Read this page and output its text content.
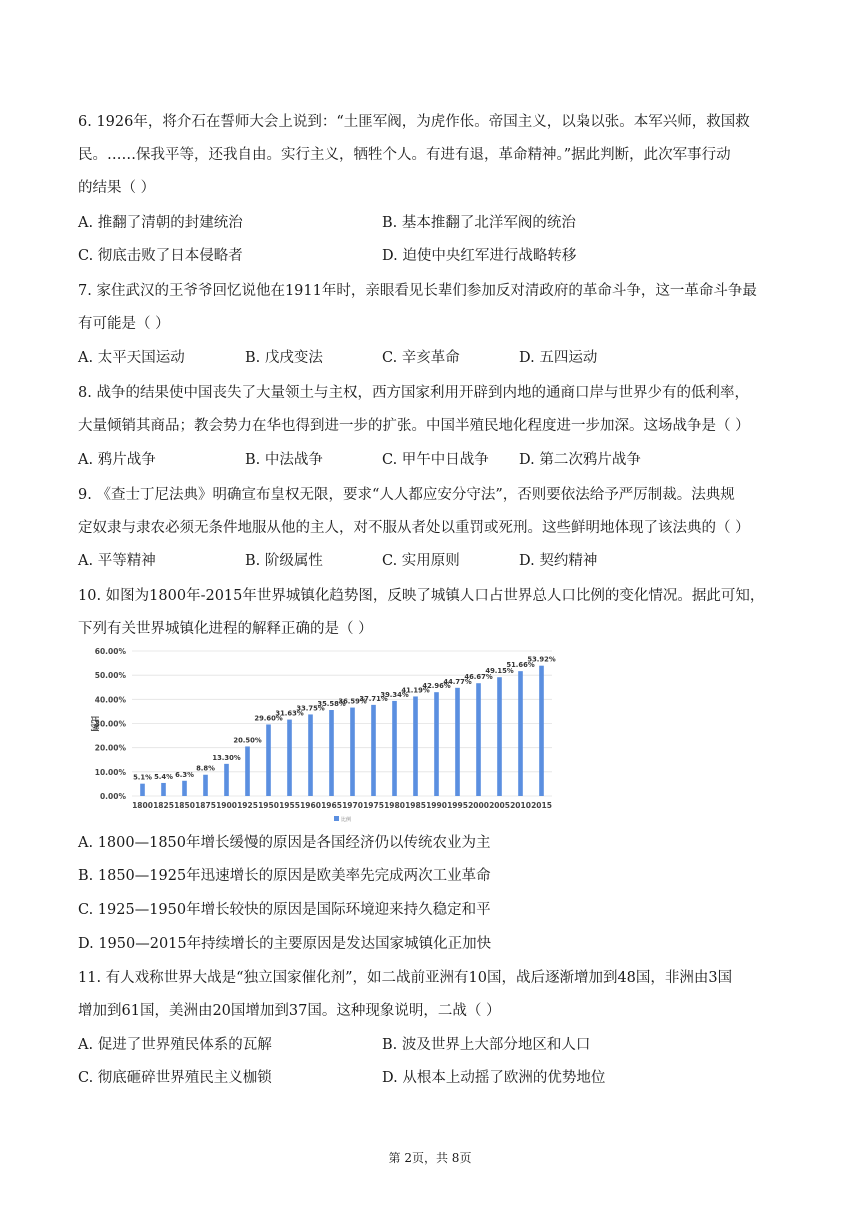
6. 1926年，将介石在誓师大会上说到：“土匪军阀，为虎作伥。帝国主义，以枭以张。本军兴师，救国救
民。……保我平等，还我自由。实行主义，牺牲个人。有进有退，革命精神。”据此判断，此次军事行动
的结果（ ）
A. 推翻了清朝的封建统治	B. 基本推翻了北洋军阀的统治
C. 彻底击败了日本侵略者	D. 迫使中央红军进行战略转移
7. 家住武汉的王爷爷回忆说他在1911年时，亲眼看见长辈们参加反对清政府的革命斗争，这一革命斗争最
有可能是（ ）
A. 太平天国运动	B. 戊戌变法	C. 辛亥革命	D. 五四运动
8. 战争的结果使中国丧失了大量领土与主权，西方国家利用开辟到内地的通商口岸与世界少有的低利率，
大量倾销其商品；教会势力在华也得到进一步的扩张。中国半殖民地化程度进一步加深。这场战争是（ ）
A. 鸦片战争	B. 中法战争	C. 甲午中日战争 D. 第二次鸦片战争
9. 《查士丁尼法典》明确宣布皇权无限，要求“人人都应安分守法”，否则要依法给予严厉制裁。法典规
定奴隶与隶农必须无条件地服从他的主人，对不服从者处以重罚或死刑。这些鲜明地体现了该法典的（ ）
A. 平等精神	B. 阶级属性	C. 实用原则	D. 契约精神
10. 如图为1800年-2015年世界城镇化趋势图，反映了城镇人口占世界总人口比例的变化情况。据此可知，
下列有关世界城镇化进程的解释正确的是（ ）
0.00%
10.00%
20.00%
30.00%
40.00%
50.00%
60.00%
比例
5.1%
1800
5.4%
1825
6.3%
1850
8.8%
1875
13.30%
1900
20.50%
1925
29.60%
1950
31.63%
1955
33.75%
1960
35.58%
1965
36.59%
1970
37.71%
1975
39.34%
1980
41.19%
1985
42.96%
1990
44.77%
1995
46.67%
2000
49.15%
2005
51.66%
2010
53.92%
2015
比例
A. 1800—1850年增长缓慢的原因是各国经济仍以传统农业为主
B. 1850—1925年迅速增长的原因是欧美率先完成两次工业革命
C. 1925—1950年增长较快的原因是国际环境迎来持久稳定和平
D. 1950—2015年持续增长的主要原因是发达国家城镇化正加快
11. 有人戏称世界大战是“独立国家催化剂”，如二战前亚洲有10国，战后逐渐增加到48国，非洲由3国
增加到61国，美洲由20国增加到37国。这种现象说明，二战（ ）
A. 促进了世界殖民体系的瓦解	B. 波及世界上大部分地区和人口
C. 彻底砸碎世界殖民主义枷锁	D. 从根本上动摇了欧洲的优势地位
第 2页，共 8页
